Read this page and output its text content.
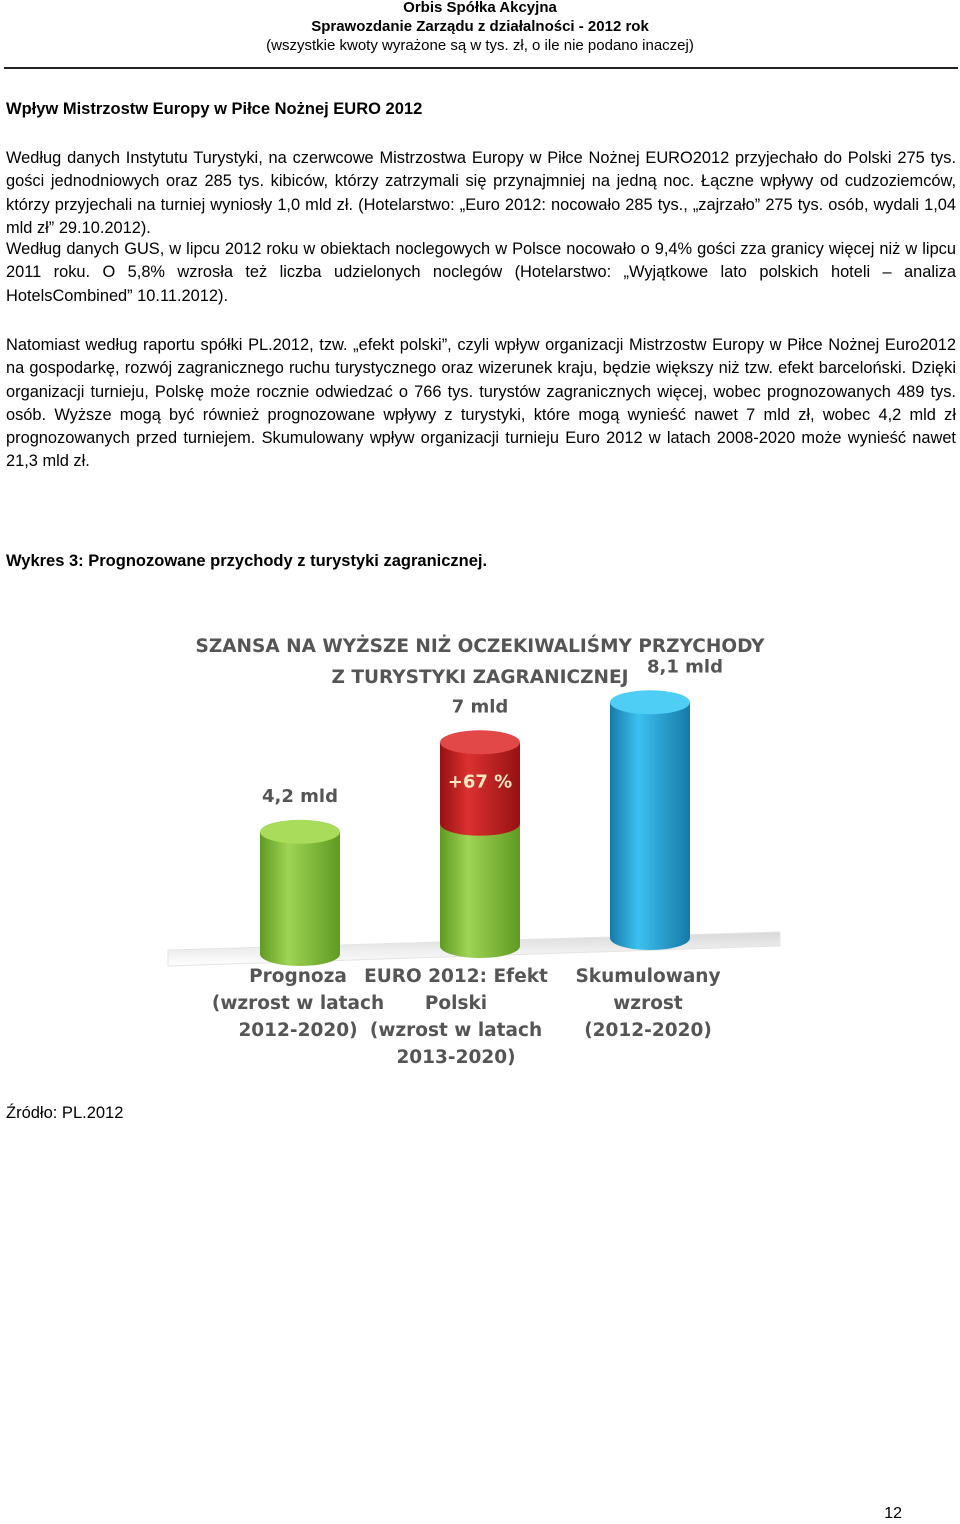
Orbis Spółka Akcyjna
Sprawozdanie Zarządu z działalności - 2012 rok
(wszystkie kwoty wyrażone są w tys. zł, o ile nie podano inaczej)
Wpływ Mistrzostw Europy w Piłce Nożnej EURO 2012
Według danych Instytutu Turystyki, na czerwcowe Mistrzostwa Europy w Piłce Nożnej EURO2012 przyjechało do Polski 275 tys. gości jednodniowych oraz 285 tys. kibiców, którzy zatrzymali się przynajmniej na jedną noc. Łączne wpływy od cudzoziemców, którzy przyjechali na turniej wyniosły 1,0 mld zł. (Hotelarstwo: „Euro 2012: nocowało 285 tys., „zajrzało” 275 tys. osób, wydali 1,04 mld zł” 29.10.2012).
Według danych GUS, w lipcu 2012 roku w obiektach noclegowych w Polsce nocowało o 9,4% gości zza granicy więcej niż w lipcu 2011 roku. O 5,8% wzrosła też liczba udzielonych noclegów (Hotelarstwo: „Wyjątkowe lato polskich hoteli – analiza HotelsCombined” 10.11.2012).
Natomiast według raportu spółki PL.2012, tzw. „efekt polski”, czyli wpływ organizacji Mistrzostw Europy w Piłce Nożnej Euro2012 na gospodarkę, rozwój zagranicznego ruchu turystycznego oraz wizerunek kraju, będzie większy niż tzw. efekt barceloński. Dzięki organizacji turnieju, Polskę może rocznie odwiedzać o 766 tys. turystów zagranicznych więcej, wobec prognozowanych 489 tys. osób. Wyższe mogą być również prognozowane wpływy z turystyki, które mogą wynieść nawet 7 mld zł, wobec 4,2 mld zł prognozowanych przed turniejem. Skumulowany wpływ organizacji turnieju Euro 2012 w latach 2008-2020 może wynieść nawet 21,3 mld zł.
Wykres 3: Prognozowane przychody z turystyki zagranicznej.
SZANSA NA WYŻSZE NIŻ OCZEKIWALIŚMY PRZYCHODY
Z TURYSTYKI ZAGRANICZNEJ
4,2 mld
+67 %
7 mld
8,1 mld
Prognoza
(wzrost w latach
2012-2020)
EURO 2012: Efekt
Polski
(wzrost w latach
2013-2020)
Skumulowany
wzrost
(2012-2020)
Źródło: PL.2012
12
